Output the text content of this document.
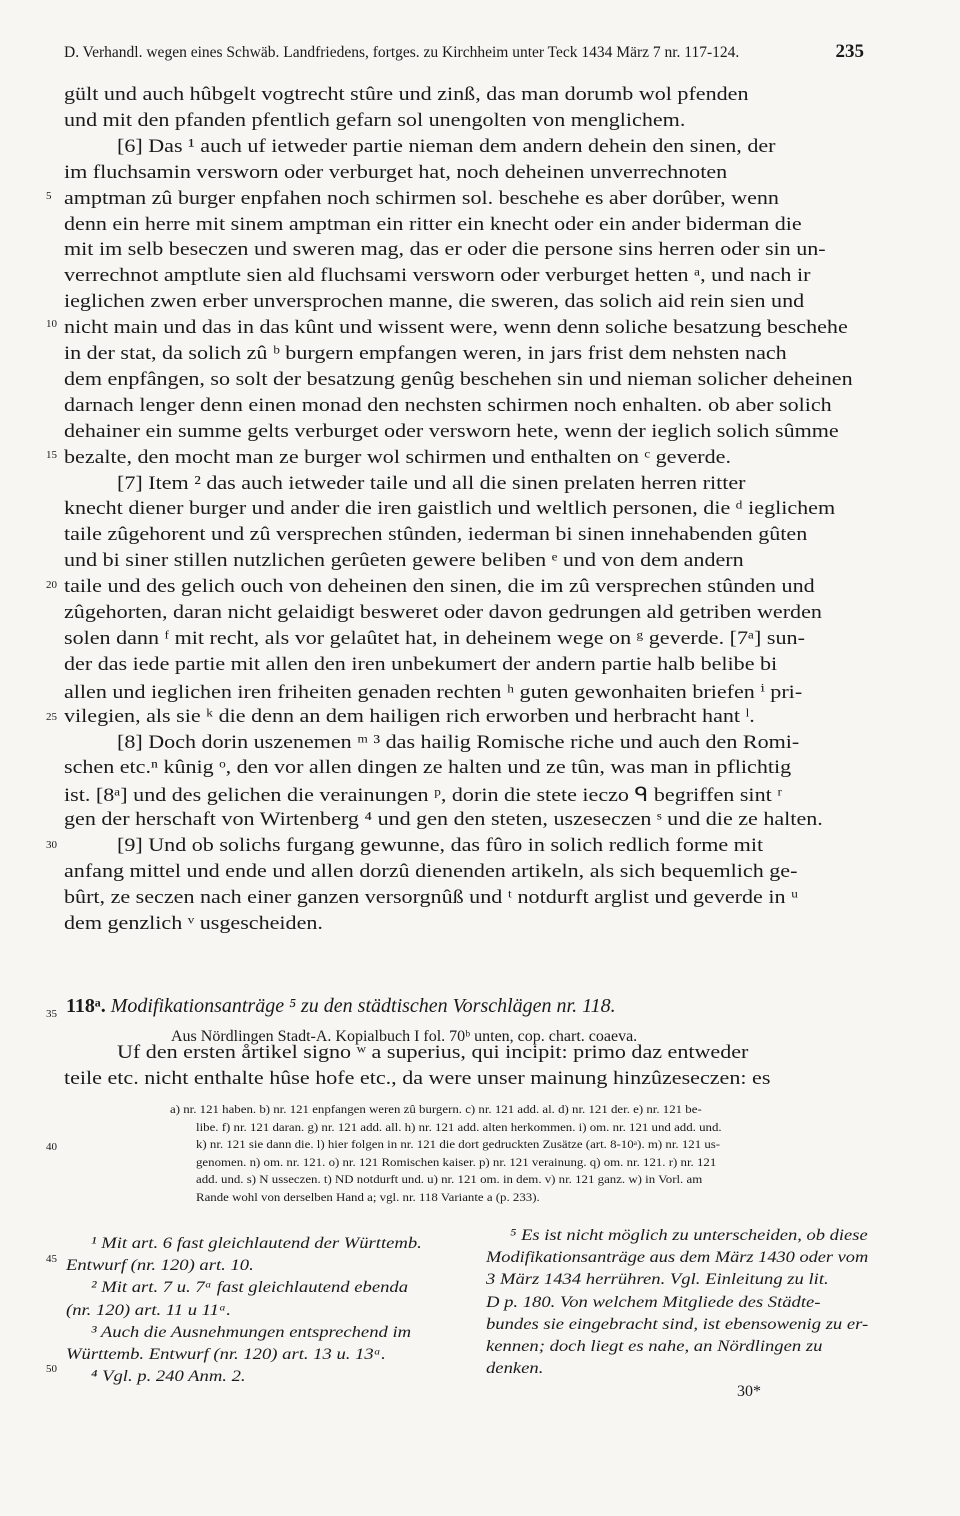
D. Verhandl. wegen eines Schwäb. Landfriedens, fortges. zu Kirchheim unter Teck 1434 März 7 nr. 117-124.	235
gült und auch hûbgelt vogtrecht stûre und zinß, das man dorumb wol pfenden
und mit den pfanden pfentlich gefarn sol unengolten von menglichem.
[6] Das ¹ auch uf ietweder partie nieman dem andern dehein den sinen, der
im fluchsamin versworn oder verburget hat, noch deheinen unverrechnoten
amptman zû burger enpfahen noch schirmen sol. beschehe es aber dorûber, wenn
denn ein herre mit sinem amptman ein ritter ein knecht oder ein ander biderman die
mit im selb beseczen und sweren mag, das er oder die persone sins herren oder sin un-
verrechnot amptlute sien ald fluchsami versworn oder verburget hetten ᵃ, und nach ir
ieglichen zwen erber unversprochen manne, die sweren, das solich aid rein sien und
nicht main und das in das kûnt und wissent were, wenn denn soliche besatzung beschehe
in der stat, da solich zû ᵇ burgern empfangen weren, in jars frist dem nehsten nach
dem enpfângen, so solt der besatzung genûg beschehen sin und nieman solicher deheinen
darnach lenger denn einen monad den nechsten schirmen noch enhalten. ob aber solich
dehainer ein summe gelts verburget oder versworn hete, wenn der ieglich solich sûmme
bezalte, den mocht man ze burger wol schirmen und enthalten on ᶜ geverde.
[7] Item ² das auch ietweder taile und all die sinen prelaten herren ritter
knecht diener burger und ander die iren gaistlich und weltlich personen, die ᵈ ieglichem
taile zûgehorent und zû versprechen stûnden, iederman bi sinen innehabenden gûten
und bi siner stillen nutzlichen gerûeten gewere beliben ᵉ und von dem andern
taile und des gelich ouch von deheinen den sinen, die im zû versprechen stûnden und
zûgehorten, daran nicht gelaidigt besweret oder davon gedrungen ald getriben werden
solen dann ᶠ mit recht, als vor gelaûtet hat, in deheinem wege on ᵍ geverde. [7ᵃ] sun-
der das iede partie mit allen den iren unbekumert der andern partie halb belibe bi
allen und ieglichen iren friheiten genaden rechten ʰ guten gewonhaiten briefen ⁱ pri-
vilegien, als sie ᵏ die denn an dem hailigen rich erworben und herbracht hant ˡ.
[8] Doch dorin uszenemen ᵐ ³ das hailig Romische riche und auch den Romi-
schen etc.ⁿ kûnig ᵒ, den vor allen dingen ze halten und ze tûn, was man in pflichtig
ist. [8ᵃ] und des gelichen die verainungen ᵖ, dorin die stete ieczo ᑫ begriffen sint ʳ
gen der herschaft von Wirtenberg ⁴ und gen den steten, uszeseczen ˢ und die ze halten.
[9] Und ob solichs furgang gewunne, das fûro in solich redlich forme mit
anfang mittel und ende und allen dorzû dienenden artikeln, als sich bequemlich ge-
bûrt, ze seczen nach einer ganzen versorgnûß und ᵗ notdurft arglist und geverde in ᵘ
dem genzlich ᵛ usgescheiden.
5
10
15
20
25
30
35
40
45
50
118ᵃ. Modifikationsanträge ⁵ zu den städtischen Vorschlägen nr. 118.
Aus Nördlingen Stadt-A. Kopialbuch I fol. 70ᵇ unten, cop. chart. coaeva.
Uf den ersten årtikel signo ʷ a superius, qui incipit: primo daz entweder
teile etc. nicht enthalte hûse hofe etc., da were unser mainung hinzûzeseczen: es
a) nr. 121 haben. b) nr. 121 enpfangen weren zû burgern. c) nr. 121 add. al. d) nr. 121 der. e) nr. 121 be-
libe. f) nr. 121 daran. g) nr. 121 add. all. h) nr. 121 add. alten herkommen. i) om. nr. 121 und add. und.
k) nr. 121 sie dann die. l) hier folgen in nr. 121 die dort gedruckten Zusätze (art. 8-10ᵃ). m) nr. 121 us-
genomen. n) om. nr. 121. o) nr. 121 Romischen kaiser. p) nr. 121 verainung. q) om. nr. 121. r) nr. 121
add. und. s) N usseczen. t) ND notdurft und. u) nr. 121 om. in dem. v) nr. 121 ganz. w) in Vorl. am
Rande wohl von derselben Hand a; vgl. nr. 118 Variante a (p. 233).
¹ Mit art. 6 fast gleichlautend der Württemb.
Entwurf (nr. 120) art. 10.
² Mit art. 7 u. 7ᵃ fast gleichlautend ebenda
(nr. 120) art. 11 u 11ᵃ.
³ Auch die Ausnehmungen entsprechend im
Württemb. Entwurf (nr. 120) art. 13 u. 13ᵃ.
⁴ Vgl. p. 240 Anm. 2.
⁵ Es ist nicht möglich zu unterscheiden, ob diese
Modifikationsanträge aus dem März 1430 oder vom
3 März 1434 herrühren. Vgl. Einleitung zu lit.
D p. 180. Von welchem Mitgliede des Städte-
bundes sie eingebracht sind, ist ebensowenig zu er-
kennen; doch liegt es nahe, an Nördlingen zu
denken.
30*
